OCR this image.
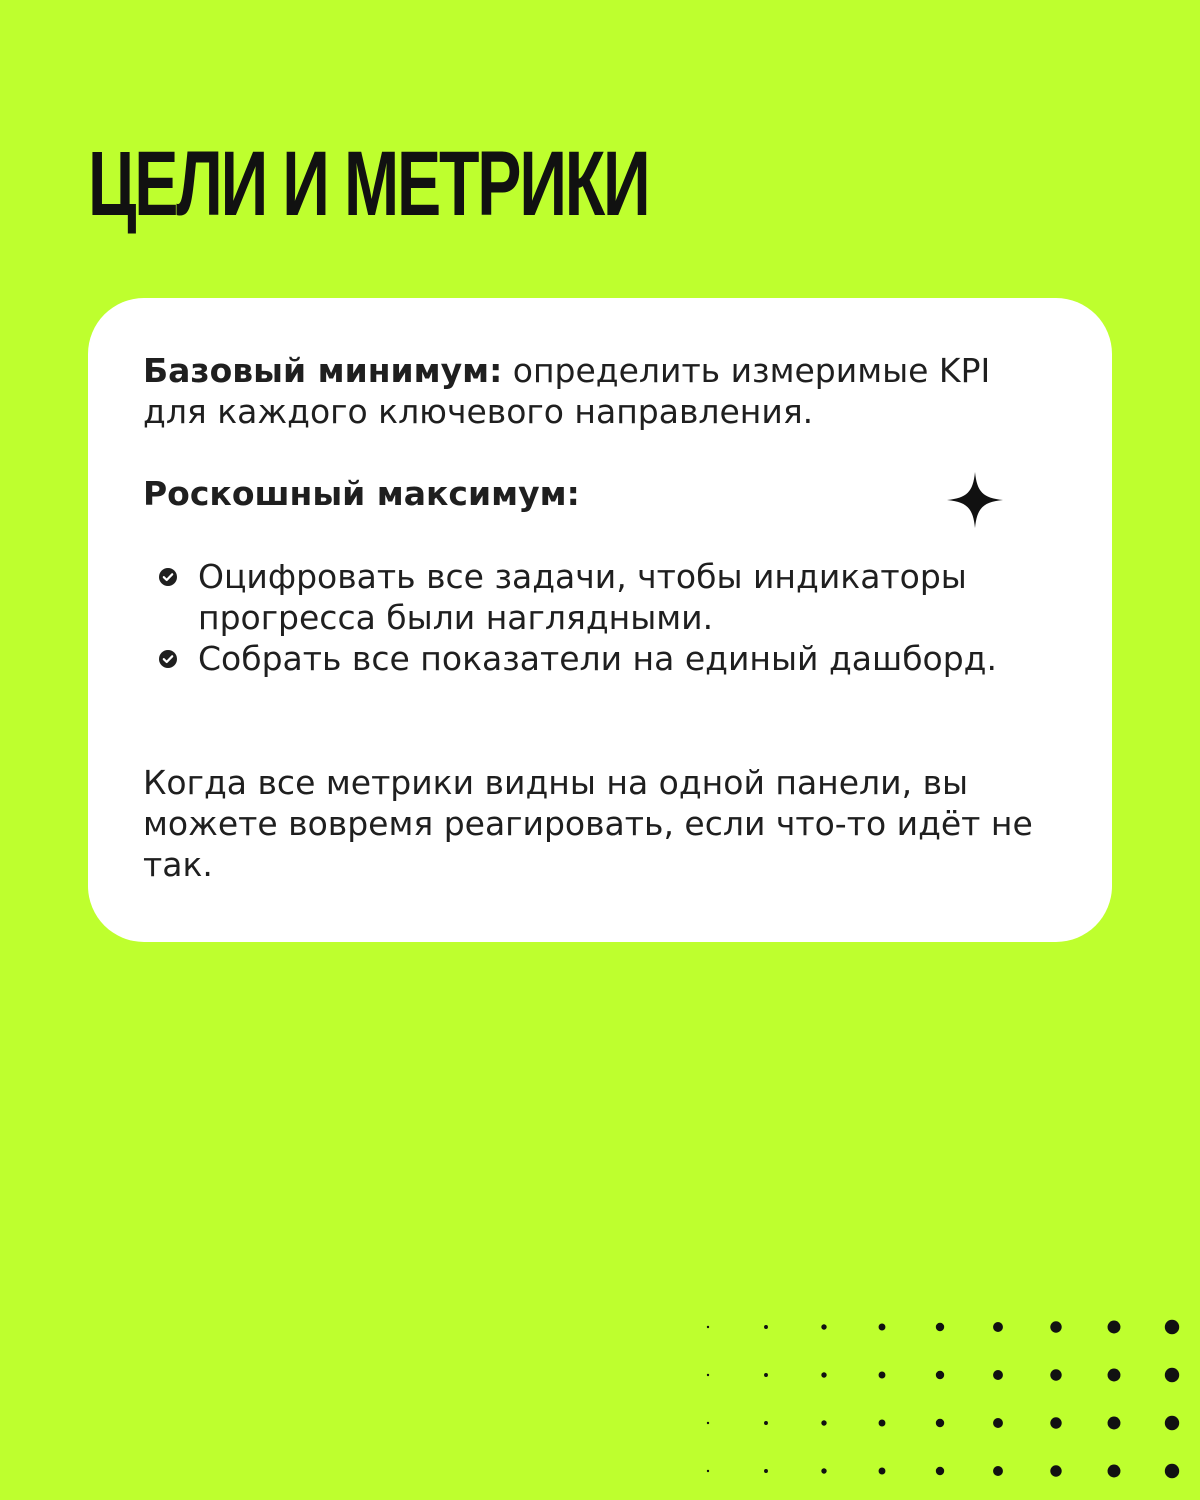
ЦЕЛИ И МЕТРИКИ
Базовый минимум: определить измеримые KPI для каждого ключевого направления.
Роскошный максимум:
Оцифровать все задачи, чтобы индикаторы прогресса были наглядными.
Собрать все показатели на единый дашборд.
Когда все метрики видны на одной панели, вы можете вовремя реагировать, если что-то идёт не так.
